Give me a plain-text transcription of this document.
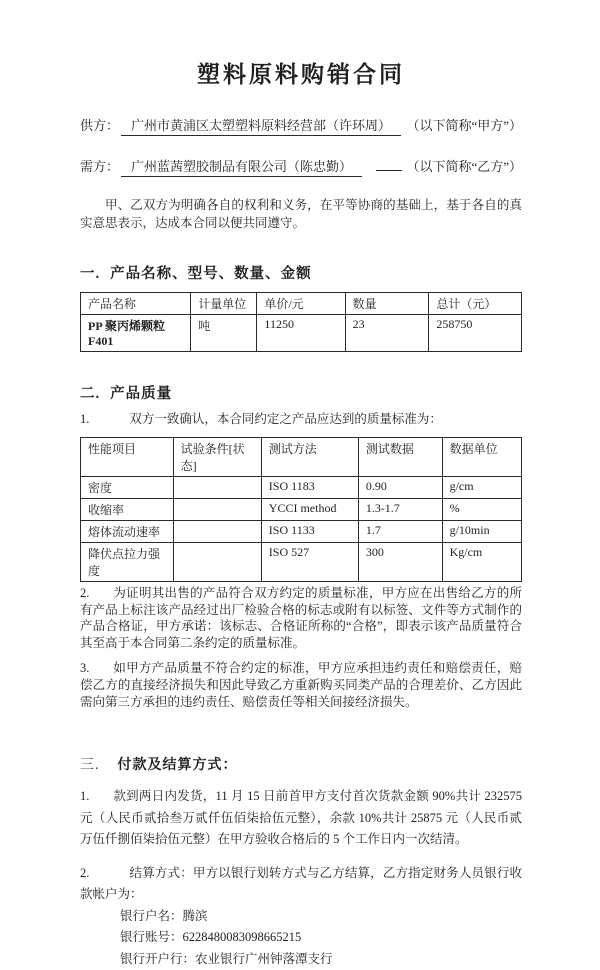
塑料原料购销合同
供方： 广州市黄浦区太塑塑料原料经营部（许环周）	（以下简称“甲方”）
需方： 广州蓝茜塑胶制品有限公司（陈忠勤）	（以下简称“乙方”）

甲、乙双方为明确各自的权利和义务，在平等协商的基础上，基于各自的真实意思表示，达成本合同以便共同遵守。

一. 产品名称、型号、数量、金额
产品名称	计量单位	单价/元	数量	总计（元）
PP 聚丙烯颗粒 F401	吨	11250	23	258750
二. 产品质量

1.	双方一致确认，本合同约定之产品应达到的质量标准为：

性能项目	试验条件[状态]	测试方法	测试数据	数据单位
密度		ISO 1183	0.90	g/cm
收缩率		YCCI method	1.3-1.7	%
熔体流动速率		ISO 1133	1.7	g/10min
降伏点拉力强度		ISO 527	300	Kg/cm

2. 为证明其出售的产品符合双方约定的质量标准，甲方应在出售给乙方的所有产品上标注该产品经过出厂检验合格的标志或附有以标签、文件等方式制作的产品合格证，甲方承诺：该标志、合格证所称的“合格”，即表示该产品质量符合其至高于本合同第二条约定的质量标准。

3. 如甲方产品质量不符合约定的标准，甲方应承担违约责任和赔偿责任，赔偿乙方的直接经济损失和因此导致乙方重新购买同类产品的合理差价、乙方因此需向第三方承担的违约责任、赔偿责任等相关间接经济损失。

三. 付款及结算方式：

1. 款到两日内发货，11 月 15 日前首甲方支付首次货款金额 90%共计 232575 元（人民币贰拾叁万贰仟伍佰柒拾伍元整），余款 10%共计 25875 元（人民币贰万伍仟捌佰柒拾伍元整）在甲方验收合格后的 5 个工作日内一次结清。

2.	结算方式：甲方以银行划转方式与乙方结算，乙方指定财务人员银行收款帐户为：

银行户名：腾滨
银行账号：6228480083098665215
银行开户行：农业银行广州钟落潭支行
